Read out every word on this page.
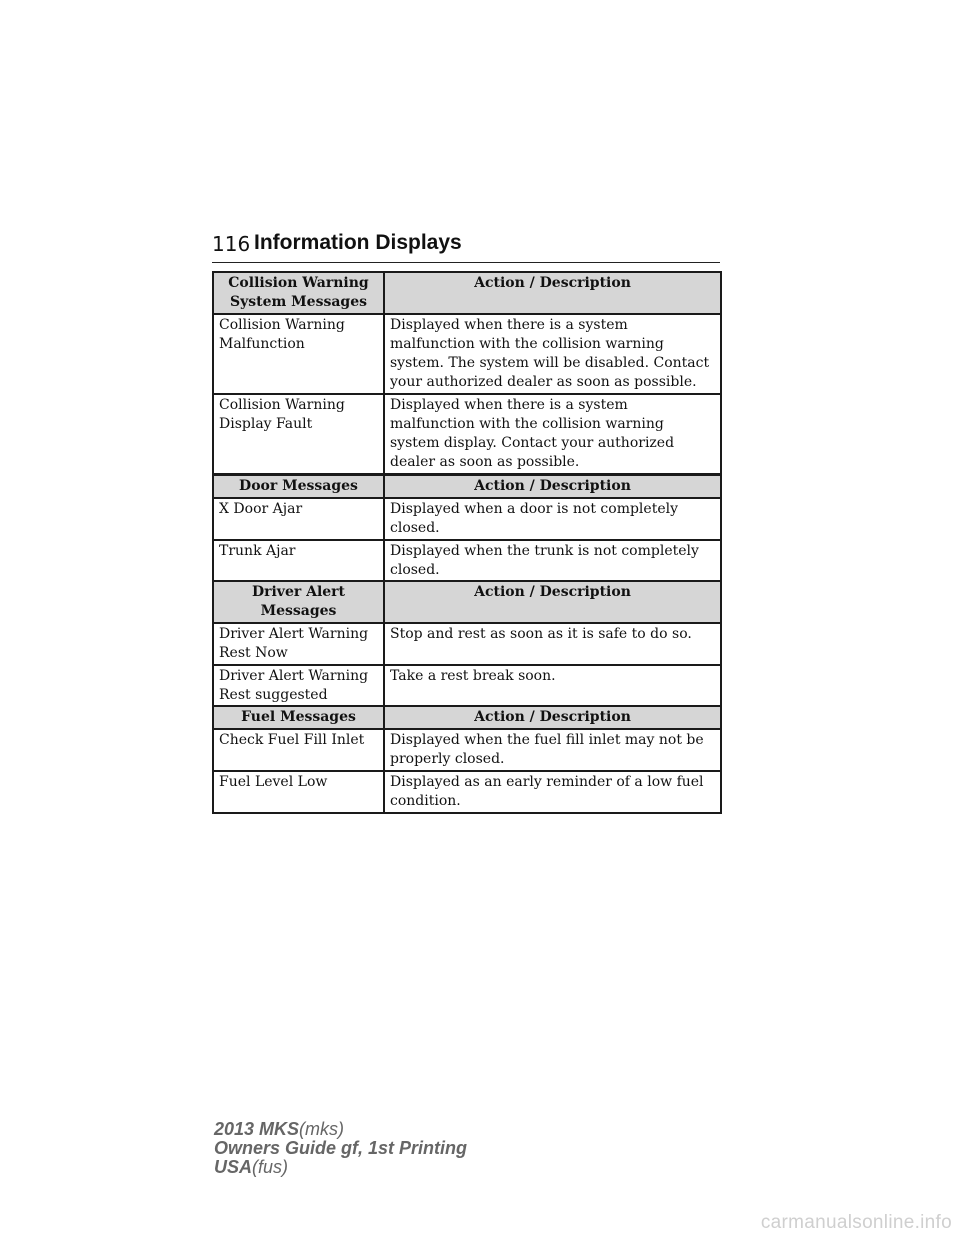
116 Information Displays
Collision Warning System Messages	Action / Description
Collision Warning Malfunction	Displayed when there is a system malfunction with the collision warning system. The system will be disabled. Contact your authorized dealer as soon as possible.
Collision Warning Display Fault	Displayed when there is a system malfunction with the collision warning system display. Contact your authorized dealer as soon as possible.
Door Messages	Action / Description
X Door Ajar	Displayed when a door is not completely closed.
Trunk Ajar	Displayed when the trunk is not completely closed.
Driver Alert Messages	Action / Description
Driver Alert Warning Rest Now	Stop and rest as soon as it is safe to do so.
Driver Alert Warning Rest suggested	Take a rest break soon.
Fuel Messages	Action / Description
Check Fuel Fill Inlet	Displayed when the fuel fill inlet may not be properly closed.
Fuel Level Low	Displayed as an early reminder of a low fuel condition.
2013 MKS(mks)
Owners Guide gf, 1st Printing
USA(fus)
carmanualsonline.info
